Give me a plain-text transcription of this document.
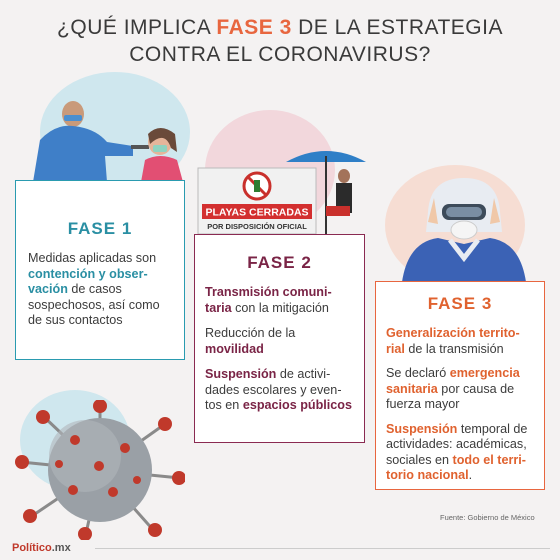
¿QUÉ IMPLICA FASE 3 DE LA ESTRATEGIA
CONTRA EL CORONAVIRUS?
PLAYAS CERRADAS
POR DISPOSICIÓN OFICIAL
FASE 1

Medidas aplicadas son contención y obser-vación de casos sospechosos, así como de sus contactos

FASE 2

Transmisión comuni-taria con la mitigación

Reducción de la movilidad

Suspensión de activi-dades escolares y even-tos en espacios públicos

FASE 3

Generalización territo-rial de la transmisión

Se declaró emergencia sanitaria por causa de fuerza mayor

Suspensión temporal de actividades: académicas, sociales en todo el terri-torio nacional.

Fuente: Gobierno de México
Político.mx
